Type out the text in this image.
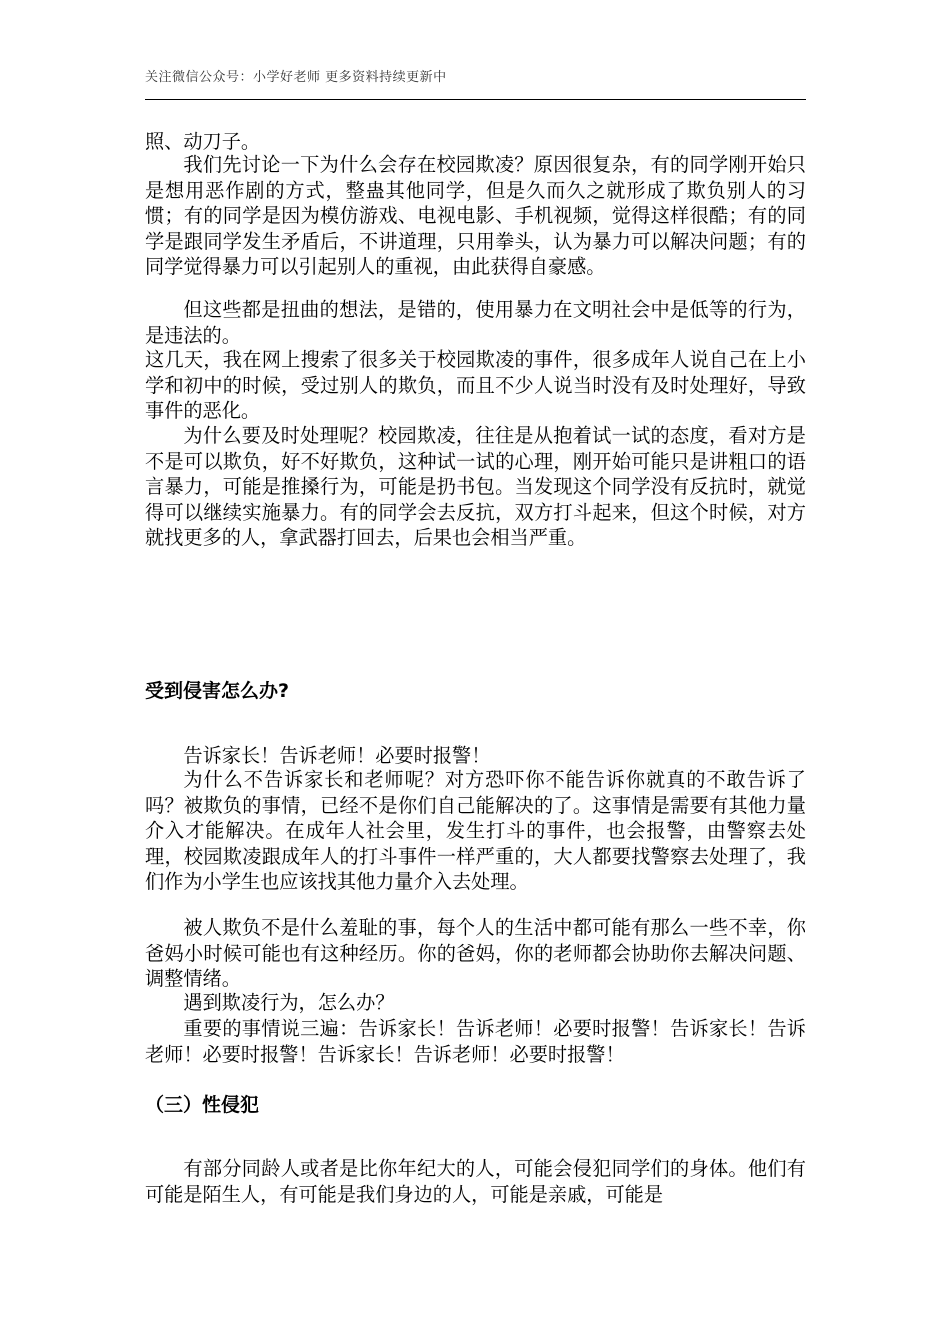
关注微信公众号：小学好老师 更多资料持续更新中

照、动刀子。

我们先讨论一下为什么会存在校园欺凌？原因很复杂，有的同学刚开始只是想用恶作剧的方式，整蛊其他同学，但是久而久之就形成了欺负别人的习惯；有的同学是因为模仿游戏、电视电影、手机视频，觉得这样很酷；有的同学是跟同学发生矛盾后，不讲道理，只用拳头，认为暴力可以解决问题；有的同学觉得暴力可以引起别人的重视，由此获得自豪感。

但这些都是扭曲的想法，是错的，使用暴力在文明社会中是低等的行为，是违法的。

这几天，我在网上搜索了很多关于校园欺凌的事件，很多成年人说自己在上小学和初中的时候，受过别人的欺负，而且不少人说当时没有及时处理好，导致事件的恶化。

为什么要及时处理呢？校园欺凌，往往是从抱着试一试的态度，看对方是不是可以欺负，好不好欺负，这种试一试的心理，刚开始可能只是讲粗口的语言暴力，可能是推搡行为，可能是扔书包。当发现这个同学没有反抗时，就觉得可以继续实施暴力。有的同学会去反抗，双方打斗起来，但这个时候，对方就找更多的人，拿武器打回去，后果也会相当严重。

受到侵害怎么办?

告诉家长！告诉老师！必要时报警！

为什么不告诉家长和老师呢？对方恐吓你不能告诉你就真的不敢告诉了吗？被欺负的事情，已经不是你们自己能解决的了。这事情是需要有其他力量介入才能解决。在成年人社会里，发生打斗的事件，也会报警，由警察去处理，校园欺凌跟成年人的打斗事件一样严重的，大人都要找警察去处理了，我们作为小学生也应该找其他力量介入去处理。

被人欺负不是什么羞耻的事，每个人的生活中都可能有那么一些不幸，你爸妈小时候可能也有这种经历。你的爸妈，你的老师都会协助你去解决问题、调整情绪。

遇到欺凌行为，怎么办？

重要的事情说三遍：告诉家长！告诉老师！必要时报警！告诉家长！告诉老师！必要时报警！告诉家长！告诉老师！必要时报警！

（三）性侵犯

有部分同龄人或者是比你年纪大的人，可能会侵犯同学们的身体。他们有可能是陌生人，有可能是我们身边的人，可能是亲戚，可能是
